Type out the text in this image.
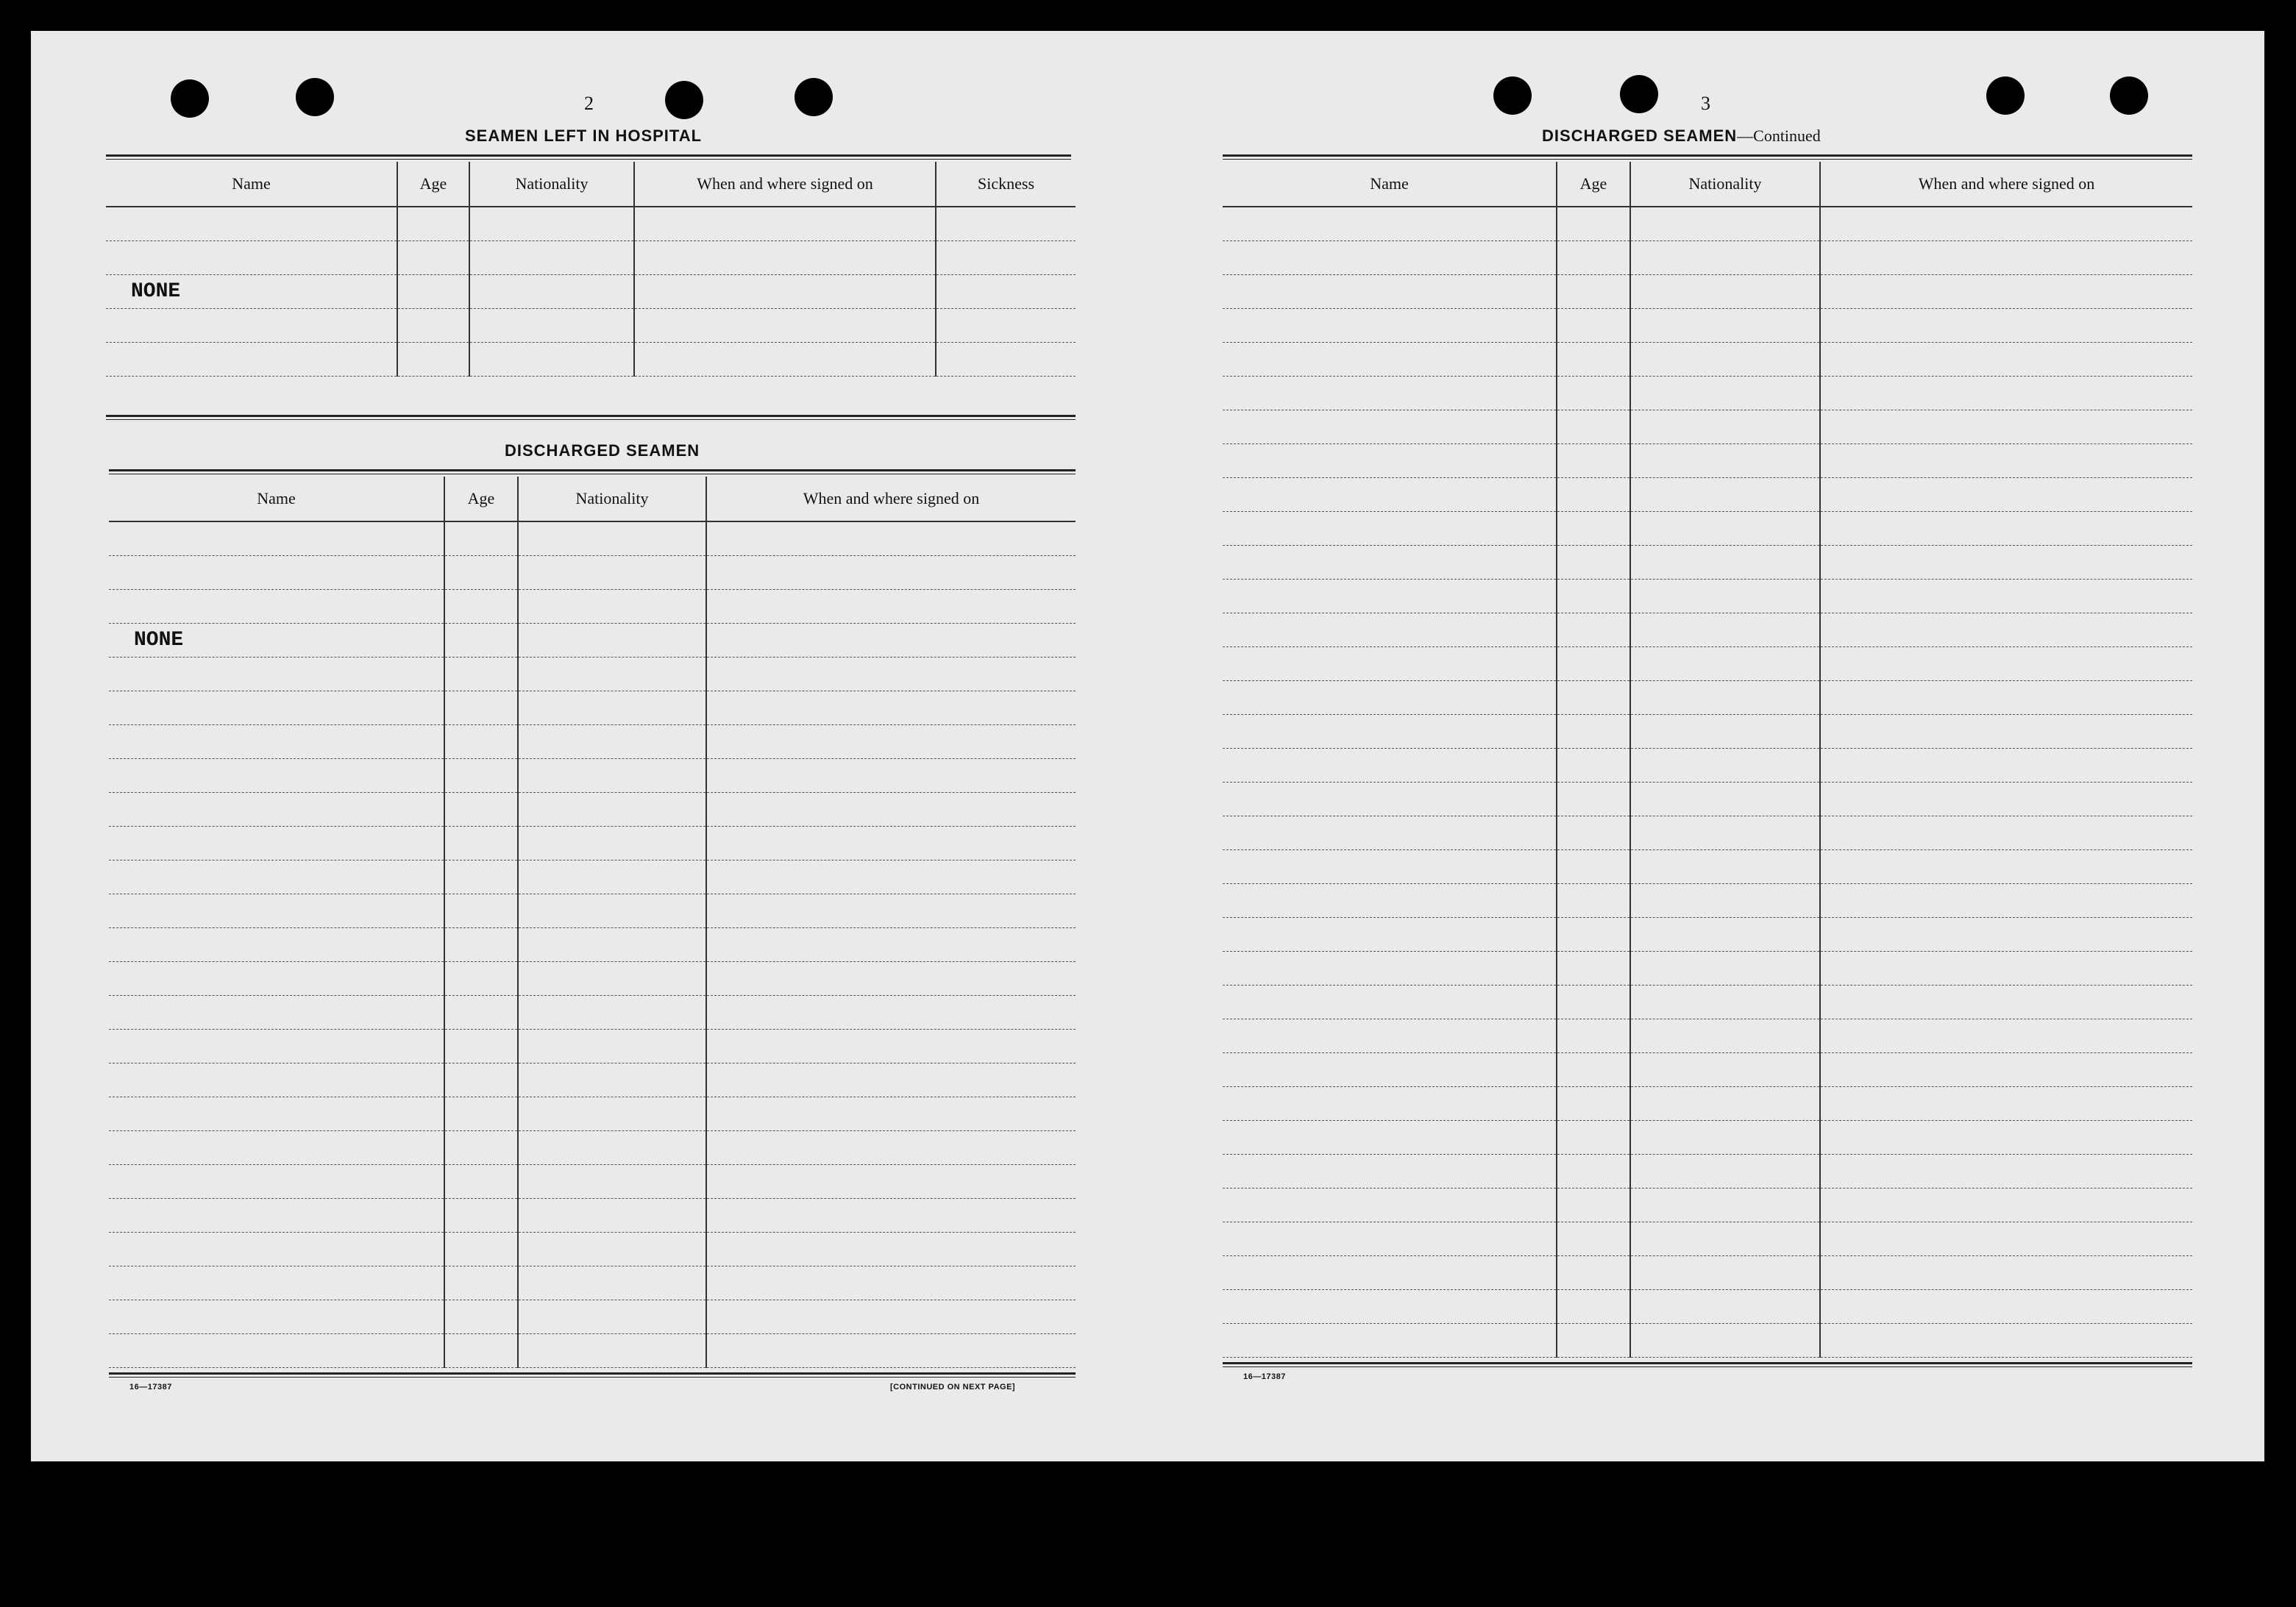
2
SEAMEN LEFT IN HOSPITAL
Name	Age	Nationality	When and where signed on	Sickness

NONE				

DISCHARGED SEAMEN
Name	Age	Nationality	When and where signed on

NONE			

16—17387	[CONTINUED ON NEXT PAGE]
3
DISCHARGED SEAMEN—Continued
Name	Age	Nationality	When and where signed on

16—17387
